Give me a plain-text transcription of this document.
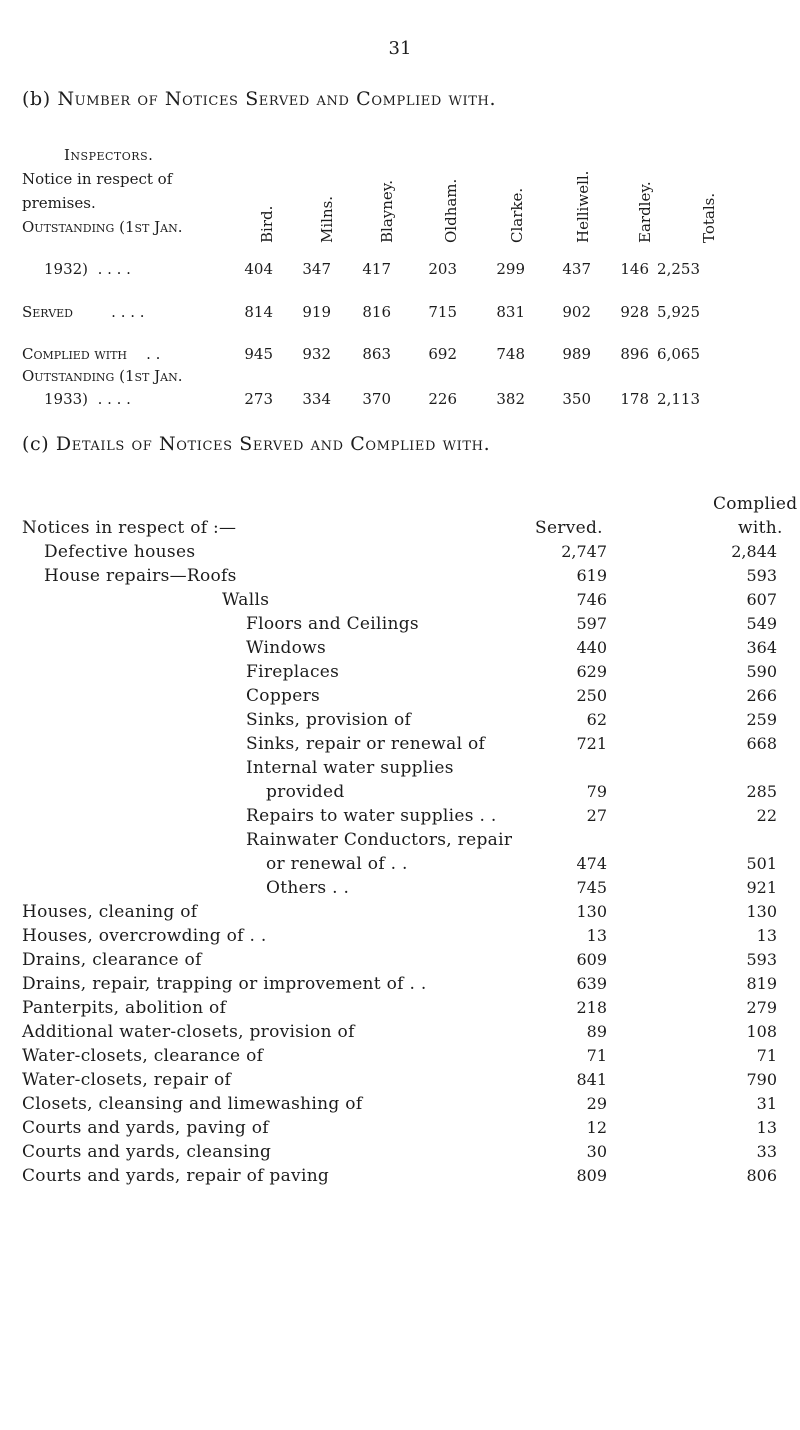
31
(b) Number of Notices Served and Complied with.
Inspectors.
Notice in respect of
premises.
Outstanding (1st Jan.	Bird.	Milns.	Blayney.	Oldham.	Clarke.	Helliwell.	Eardley.	Totals.
1932) . . . .	404	347	417	203	299	437	146 2,253
Served	. . . .	814	919	816	715	831	902	928 5,925
Complied with . .	945	932	863	692	748	989	896 6,065
Outstanding (1st Jan.
1933) . . . .	273	334	370	226	382	350	178 2,113
(c) Details of Notices Served and Complied with.
Complied
Notices in respect of :—	Served.	with.
Defective houses	2,747	2,844
House repairs—Roofs	619	593
Walls	746	607
Floors and Ceilings	597	549
Windows	440	364
Fireplaces	629	590
Coppers	250	266
Sinks, provision of	62	259
Sinks, repair or renewal of	721	668
Internal water supplies
provided	79	285
Repairs to water supplies . .	27	22
Rainwater Conductors, repair
or renewal of . .	474	501
Others . .	745	921
Houses, cleaning of	130	130
Houses, overcrowding of . .	13	13
Drains, clearance of	609	593
Drains, repair, trapping or improvement of . .	639	819
Panterpits, abolition of	218	279
Additional water-closets, provision of	89	108
Water-closets, clearance of	71	71
Water-closets, repair of	841	790
Closets, cleansing and limewashing of	29	31
Courts and yards, paving of	12	13
Courts and yards, cleansing	30	33
Courts and yards, repair of paving	809	806
